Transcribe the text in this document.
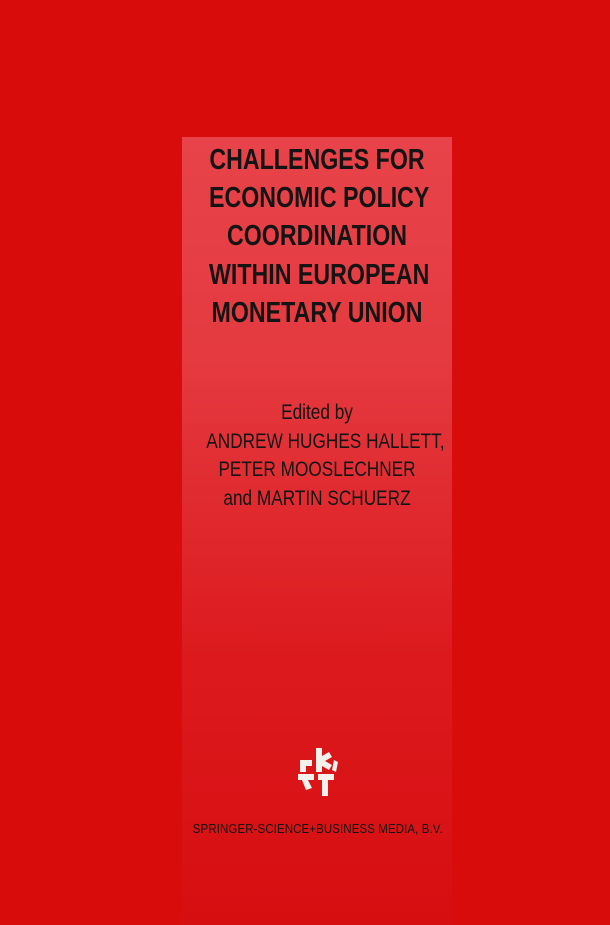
CHALLENGES FOR
ECONOMIC POLICY
COORDINATION
WITHIN EUROPEAN
MONETARY UNION
Edited by
ANDREW HUGHES HALLETT,
PETER MOOSLECHNER
and MARTIN SCHUERZ
SPRINGER-SCIENCE+BUSINESS MEDIA, B.V.
